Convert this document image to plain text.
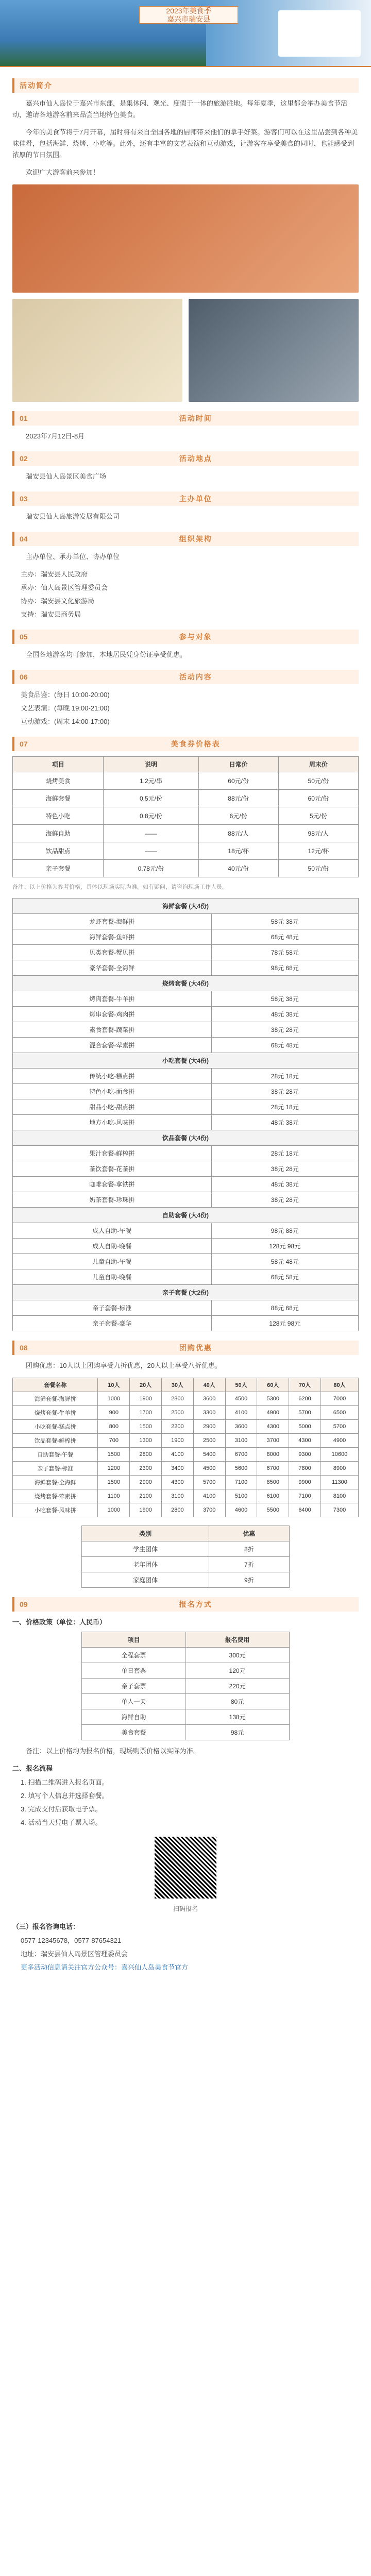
2023年美食季
嘉兴市瑞安县
活动简介

嘉兴市仙人岛位于嘉兴市东部，是集休闲、观光、度假于一体的旅游胜地。每年夏季，这里都会举办美食节活动，邀请各地游客前来品尝当地特色美食。

今年的美食节将于7月开幕，届时将有来自全国各地的厨师带来他们的拿手好菜。游客们可以在这里品尝到各种美味佳肴，包括海鲜、烧烤、小吃等。此外，还有丰富的文艺表演和互动游戏，让游客在享受美食的同时，也能感受到浓厚的节日氛围。

欢迎广大游客前来参加！

01	活动时间

2023年7月12日-8月

02	活动地点

瑞安县仙人岛景区美食广场

03	主办单位

瑞安县仙人岛旅游发展有限公司

04	组织架构

主办单位、承办单位、协办单位

主办：瑞安县人民政府
承办：仙人岛景区管理委员会
协办：瑞安县文化旅游局
支持：瑞安县商务局
05	参与对象

全国各地游客均可参加，本地居民凭身份证享受优惠。

06	活动内容
美食品鉴：(每日 10:00-20:00)
文艺表演：(每晚 19:00-21:00)
互动游戏：(周末 14:00-17:00)
07	美食券价格表
项目	说明	日常价	周末价
烧烤美食	1.2元/串	60元/份	50元/份
海鲜套餐	0.5元/份	88元/份	60元/份
特色小吃	0.8元/份	6元/份	5元/份
海鲜自助	——	88元/人	98元/人
饮品甜点	——	18元/杯	12元/杯
亲子套餐	0.78元/份	40元/份	50元/份
备注：以上价格为参考价格，具体以现场实际为准。如有疑问，请咨询现场工作人员。
海鲜套餐 (大4份)	
龙虾套餐-海鲜拼	58元 38元
海鲜套餐-鱼虾拼	68元 48元
贝类套餐-蟹贝拼	78元 58元
豪华套餐-全海鲜	98元 68元
烧烤套餐 (大4份)	
烤肉套餐-牛羊拼	58元 38元
烤串套餐-鸡肉拼	48元 38元
素食套餐-蔬菜拼	38元 28元
混合套餐-荤素拼	68元 48元
小吃套餐 (大4份)	
传统小吃-糕点拼	28元 18元
特色小吃-面食拼	38元 28元
甜品小吃-甜点拼	28元 18元
地方小吃-风味拼	48元 38元
饮品套餐 (大4份)	
果汁套餐-鲜榨拼	28元 18元
茶饮套餐-花茶拼	38元 28元
咖啡套餐-拿铁拼	48元 38元
奶茶套餐-珍珠拼	38元 28元
自助套餐 (大4份)	
成人自助-午餐	98元 88元
成人自助-晚餐	128元 98元
儿童自助-午餐	58元 48元
儿童自助-晚餐	68元 58元
亲子套餐 (大2份)	
亲子套餐-标准	88元 68元
亲子套餐-豪华	128元 98元
08	团购优惠

团购优惠：10人以上团购享受九折优惠，20人以上享受八折优惠。

套餐名称	10人	20人	30人	40人	50人	60人	70人	80人
海鲜套餐-海鲜拼	1000	1900	2800	3600	4500	5300	6200	7000
烧烤套餐-牛羊拼	900	1700	2500	3300	4100	4900	5700	6500
小吃套餐-糕点拼	800	1500	2200	2900	3600	4300	5000	5700
饮品套餐-鲜榨拼	700	1300	1900	2500	3100	3700	4300	4900
自助套餐-午餐	1500	2800	4100	5400	6700	8000	9300	10600
亲子套餐-标准	1200	2300	3400	4500	5600	6700	7800	8900
海鲜套餐-全海鲜	1500	2900	4300	5700	7100	8500	9900	11300
烧烤套餐-荤素拼	1100	2100	3100	4100	5100	6100	7100	8100
小吃套餐-风味拼	1000	1900	2800	3700	4600	5500	6400	7300
类别	优惠
学生团体	8折
老年团体	7折
家庭团体	9折
09	报名方式
一、价格政策（单位：人民币）
项目	报名费用
全程套票	300元
单日套票	120元
亲子套票	220元
单人一天	80元
海鲜自助	138元
美食套餐	98元

备注：以上价格均为报名价格，现场购票价格以实际为准。

二、报名流程
1. 扫描二维码进入报名页面。
2. 填写个人信息并选择套餐。
3. 完成支付后获取电子票。
4. 活动当天凭电子票入场。
扫码报名
（三）报名咨询电话：
0577-12345678，0577-87654321
地址：瑞安县仙人岛景区管理委员会
更多活动信息请关注官方公众号：嘉兴仙人岛美食节官方
